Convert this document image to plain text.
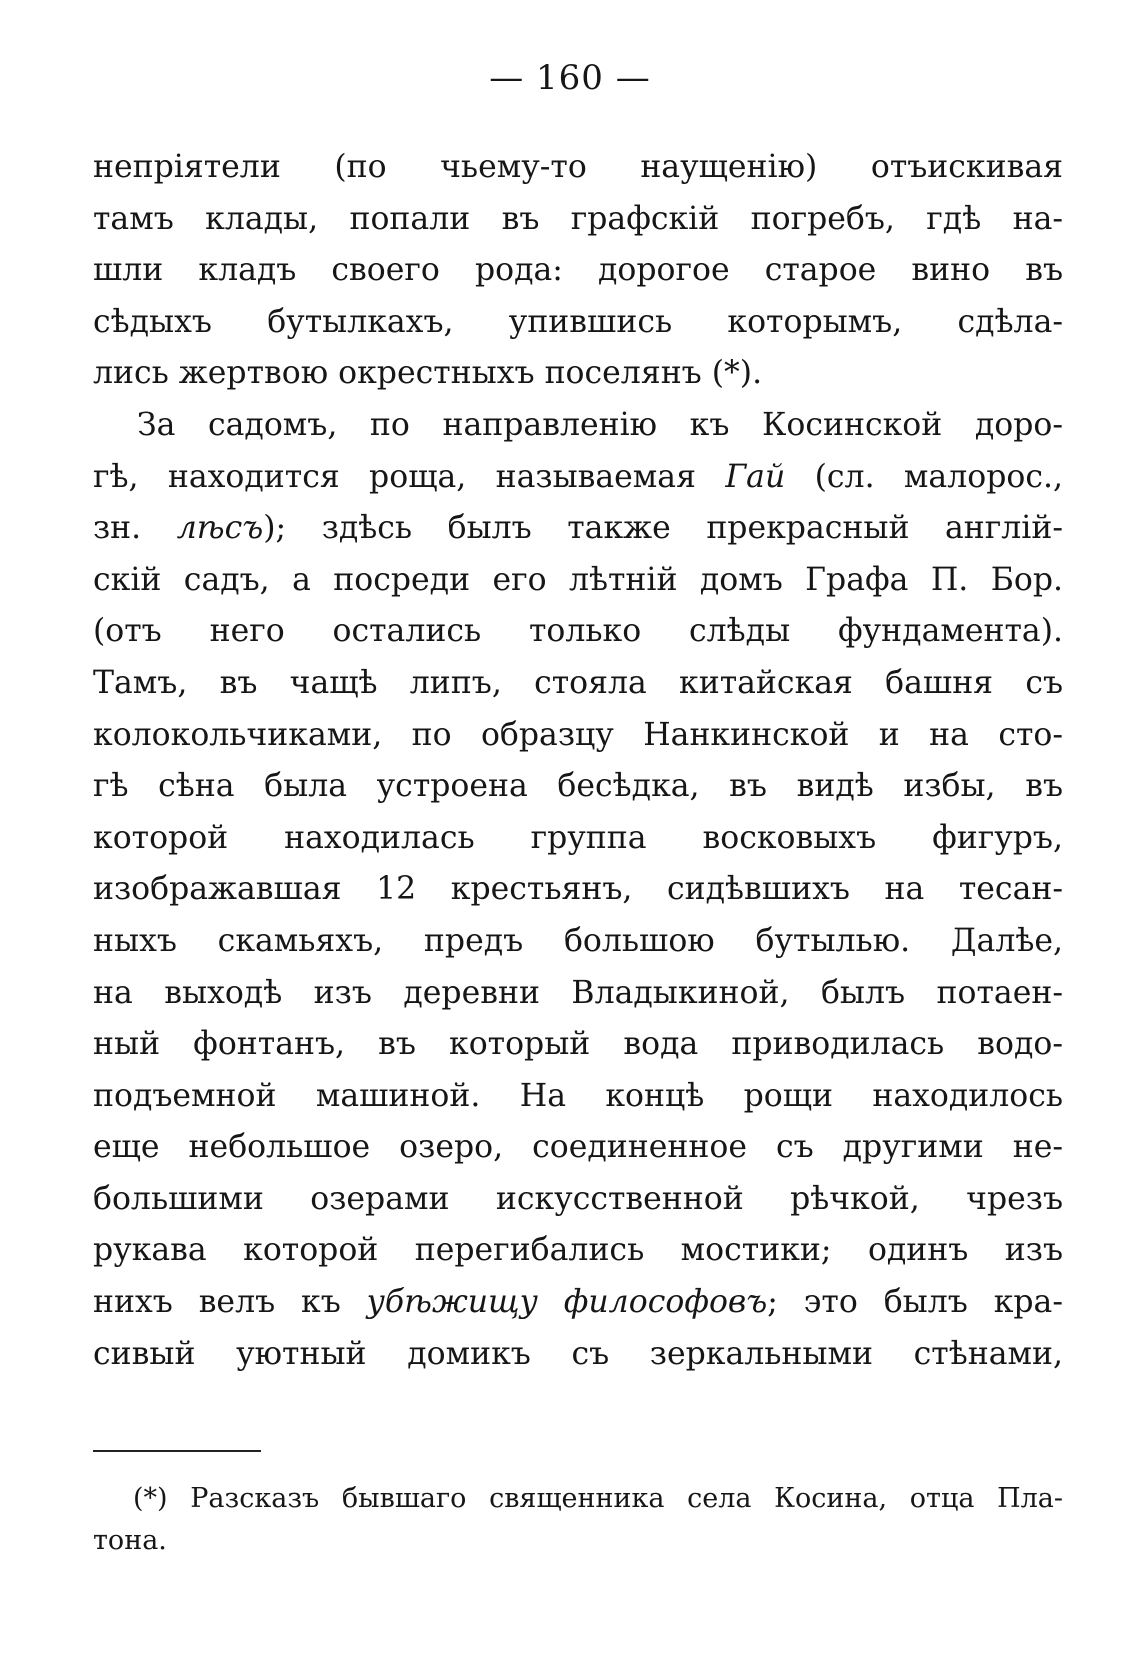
— 160 —
непріятели (по чьему-то наущенію) отъискивая
тамъ клады, попали въ графскій погребъ, гдѣ на-
шли кладъ своего рода: дорогое старое вино въ
сѣдыхъ бутылкахъ, упившись которымъ, сдѣла-
лись жертвою окрестныхъ поселянъ (*).
За садомъ, по направленію къ Косинской доро-
гѣ, находится роща, называемая Гай (сл. малорос.,
зн. лѣсъ); здѣсь былъ также прекрасный англій-
скій садъ, а посреди его лѣтній домъ Графа П. Бор.
(отъ него остались только слѣды фундамента).
Тамъ, въ чащѣ липъ, стояла китайская башня съ
колокольчиками, по образцу Нанкинской и на сто-
гѣ сѣна была устроена бесѣдка, въ видѣ избы, въ
которой находилась группа восковыхъ фигуръ,
изображавшая 12 крестьянъ, сидѣвшихъ на тесан-
ныхъ скамьяхъ, предъ большою бутылью. Далѣе,
на выходѣ изъ деревни Владыкиной, былъ потаен-
ный фонтанъ, въ который вода приводилась водо-
подъемной машиной. На концѣ рощи находилось
еще небольшое озеро, соединенное съ другими не-
большими озерами искусственной рѣчкой, чрезъ
рукава которой перегибались мостики; одинъ изъ
нихъ велъ къ убѣжищу философовъ; это былъ кра-
сивый уютный домикъ съ зеркальными стѣнами,
(*) Разсказъ бывшаго священника села Косина, отца Пла-
тона.
